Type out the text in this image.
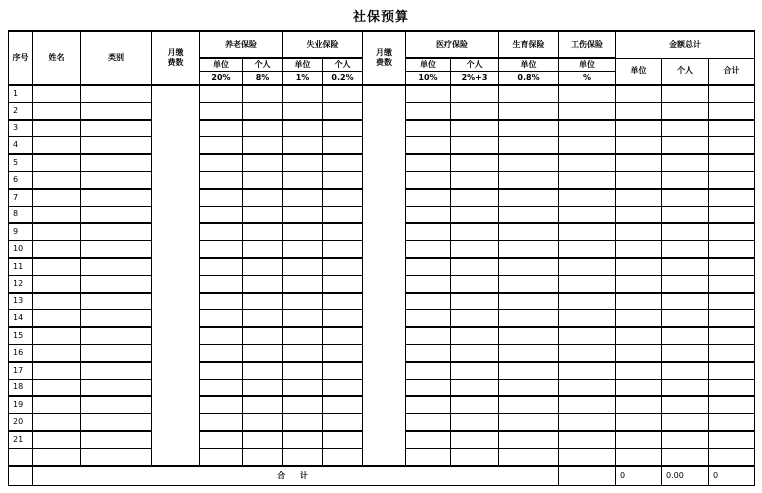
社保预算
序号	姓名	类别	月缴费数	养老保险		失业保险		月缴费数	医疗保险		生育保险	工伤保险	金额总计		
				单位	个人	单位	个人		单位	个人	单位	单位	单位	个人	合计
				20%	8%	1%	0.2%		10%	2%+3	0.8%	%			
1															
2															
3															
4															
5															
6															
7															
8															
9															
10															
11															
12															
13															
14															
15															
16															
17															
18															
19															
20															
21															

	合 计												0	0.00	0
